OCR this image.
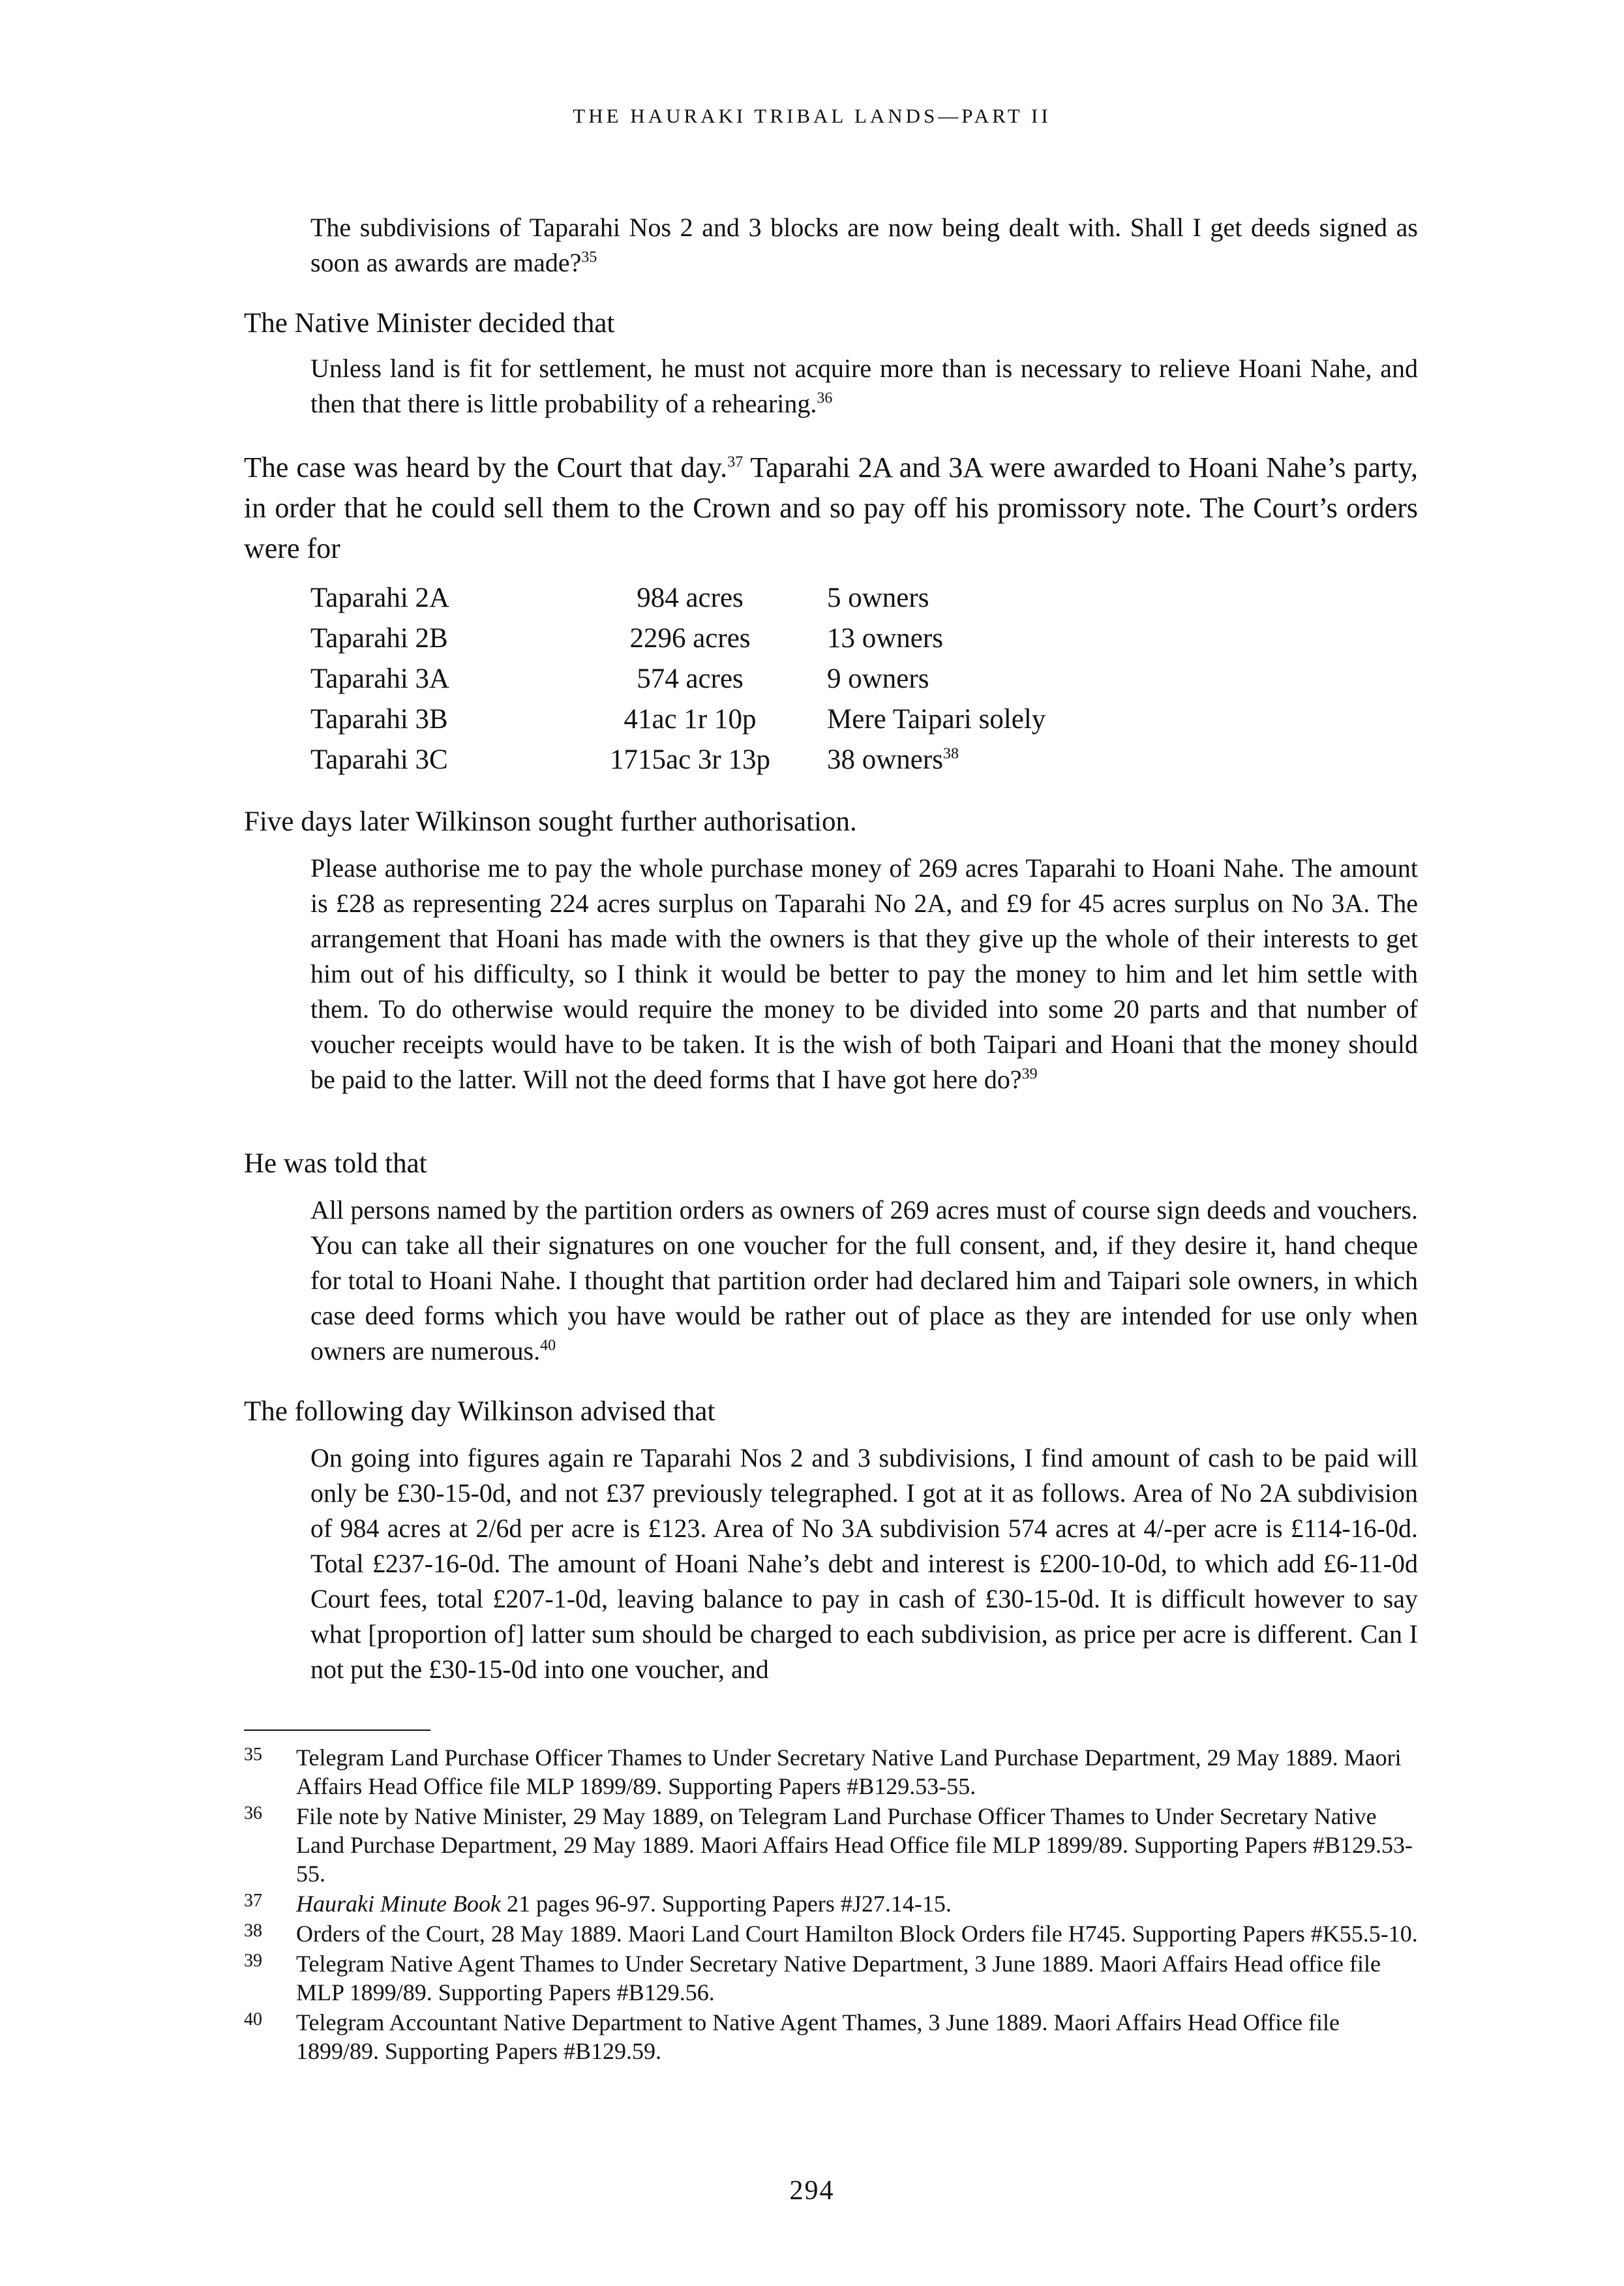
THE HAURAKI TRIBAL LANDS—PART II
The subdivisions of Taparahi Nos 2 and 3 blocks are now being dealt with. Shall I get deeds signed as soon as awards are made?$^{35}$
The Native Minister decided that
Unless land is fit for settlement, he must not acquire more than is necessary to relieve Hoani Nahe, and then that there is little probability of a rehearing.$^{36}$
The case was heard by the Court that day.$^{37}$ Taparahi 2A and 3A were awarded to Hoani Nahe’s party, in order that he could sell them to the Crown and so pay off his promissory note. The Court’s orders were for
Taparahi 2A	984 acres	5 owners
Taparahi 2B	2296 acres	13 owners
Taparahi 3A	574 acres	9 owners
Taparahi 3B	41ac 1r 10p	Mere Taipari solely
Taparahi 3C	1715ac 3r 13p	38 owners$^{38}$
Five days later Wilkinson sought further authorisation.
Please authorise me to pay the whole purchase money of 269 acres Taparahi to Hoani Nahe. The amount is £28 as representing 224 acres surplus on Taparahi No 2A, and £9 for 45 acres surplus on No 3A. The arrangement that Hoani has made with the owners is that they give up the whole of their interests to get him out of his difficulty, so I think it would be better to pay the money to him and let him settle with them. To do otherwise would require the money to be divided into some 20 parts and that number of voucher receipts would have to be taken. It is the wish of both Taipari and Hoani that the money should be paid to the latter. Will not the deed forms that I have got here do?$^{39}$
He was told that
All persons named by the partition orders as owners of 269 acres must of course sign deeds and vouchers. You can take all their signatures on one voucher for the full consent, and, if they desire it, hand cheque for total to Hoani Nahe. I thought that partition order had declared him and Taipari sole owners, in which case deed forms which you have would be rather out of place as they are intended for use only when owners are numerous.$^{40}$
The following day Wilkinson advised that
On going into figures again re Taparahi Nos 2 and 3 subdivisions, I find amount of cash to be paid will only be £30-15-0d, and not £37 previously telegraphed. I got at it as follows. Area of No 2A subdivision of 984 acres at 2/6d per acre is £123. Area of No 3A subdivision 574 acres at 4/-per acre is £114-16-0d. Total £237-16-0d. The amount of Hoani Nahe’s debt and interest is £200-10-0d, to which add £6-11-0d Court fees, total £207-1-0d, leaving balance to pay in cash of £30-15-0d. It is difficult however to say what [proportion of] latter sum should be charged to each subdivision, as price per acre is different. Can I not put the £30-15-0d into one voucher, and
35	Telegram Land Purchase Officer Thames to Under Secretary Native Land Purchase Department, 29 May 1889. Maori Affairs Head Office file MLP 1899/89. Supporting Papers #B129.53-55.
36	File note by Native Minister, 29 May 1889, on Telegram Land Purchase Officer Thames to Under Secretary Native Land Purchase Department, 29 May 1889. Maori Affairs Head Office file MLP 1899/89. Supporting Papers #B129.53-55.
37	Hauraki Minute Book 21 pages 96-97. Supporting Papers #J27.14-15.
38	Orders of the Court, 28 May 1889. Maori Land Court Hamilton Block Orders file H745. Supporting Papers #K55.5-10.
39	Telegram Native Agent Thames to Under Secretary Native Department, 3 June 1889. Maori Affairs Head office file MLP 1899/89. Supporting Papers #B129.56.
40	Telegram Accountant Native Department to Native Agent Thames, 3 June 1889. Maori Affairs Head Office file 1899/89. Supporting Papers #B129.59.
294
